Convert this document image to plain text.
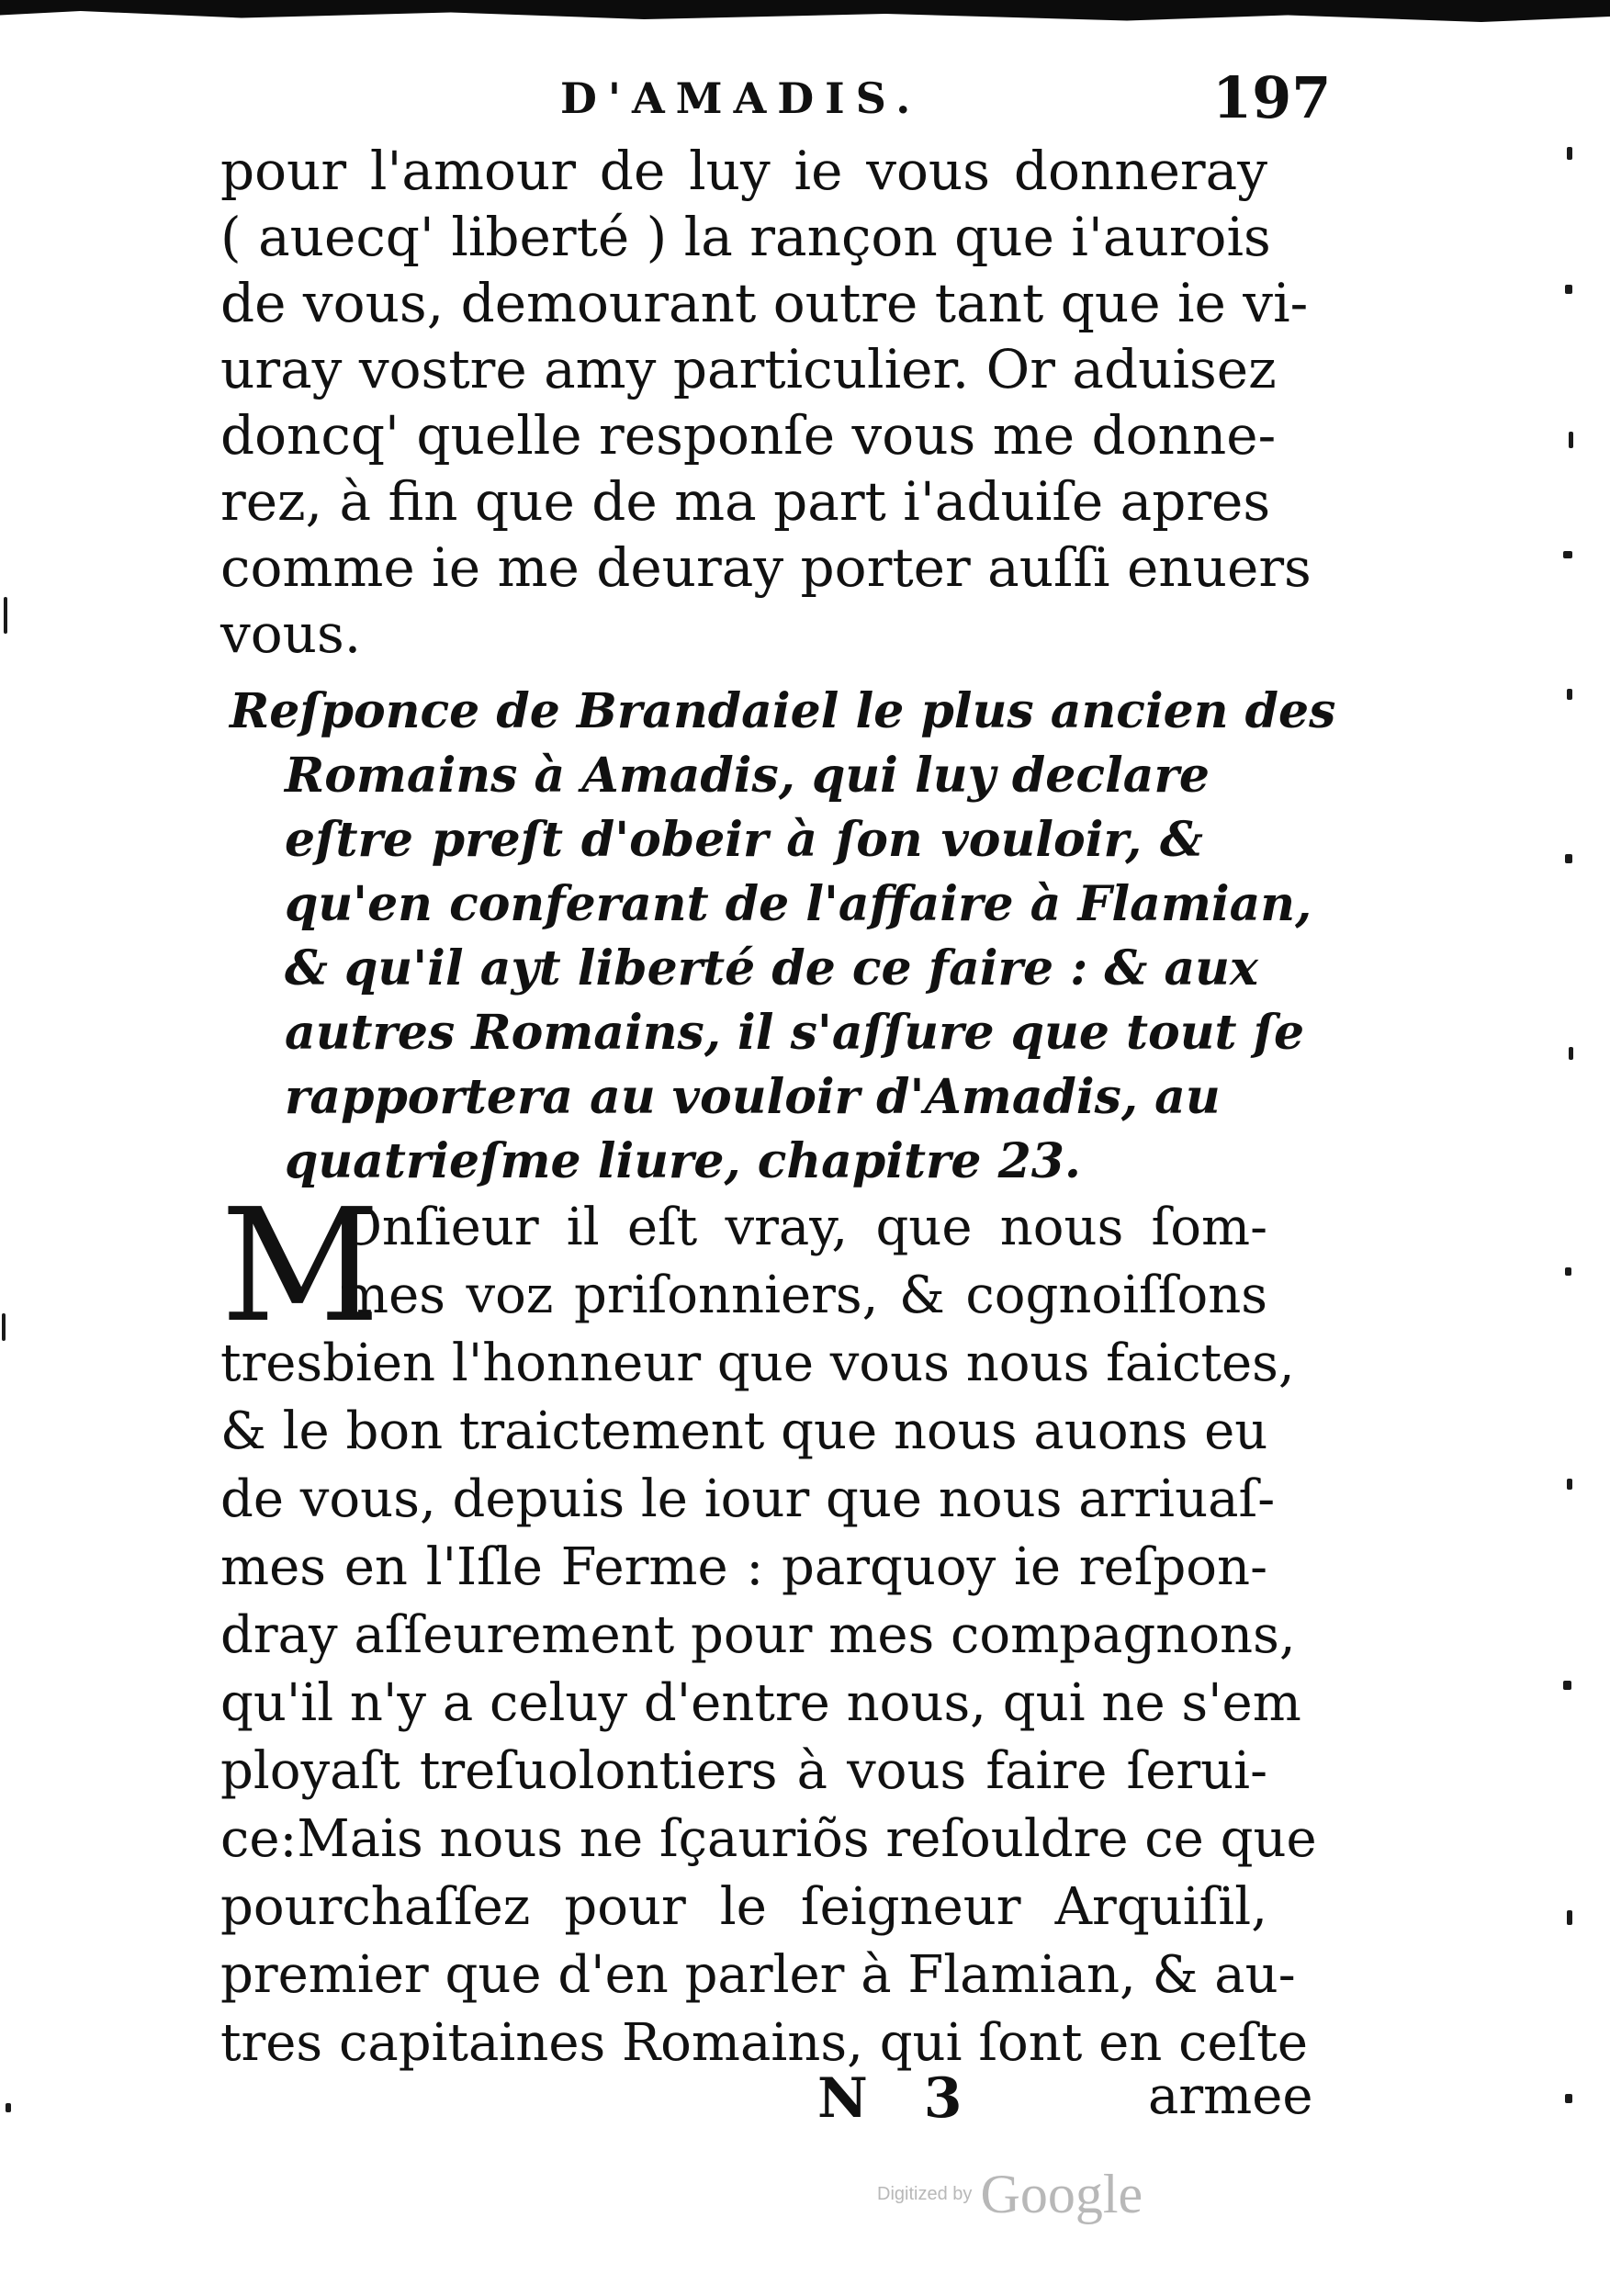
D'AMADIS.	197
pour l'amour de luy ie vous donneray
( auecq' liberté ) la rançon que i'aurois
de vous, demourant outre tant que ie vi-
uray vostre amy particulier. Or aduisez
doncq' quelle responſe vous me donne-
rez, à fin que de ma part i'aduiſe apres
comme ie me deuray porter auſſi enuers
vous.
Reſponce de Brandaiel le plus ancien des
Romains à Amadis, qui luy declare
eſtre preſt d'obeir à ſon vouloir, &
qu'en conferant de l'affaire à Flamian,
& qu'il ayt liberté de ce faire : & aux
autres Romains, il s'aſſure que tout ſe
rapportera au vouloir d'Amadis, au
quatrieſme liure, chapitre 23.
M
Onſieur il eſt vray, que nous ſom-
mes voz priſonniers, & cognoiſſons
tresbien l'honneur que vous nous faictes,
& le bon traictement que nous auons eu
de vous, depuis le iour que nous arriuaſ-
mes en l'Iſle Ferme : parquoy ie reſpon-
dray aſſeurement pour mes compagnons,
qu'il n'y a celuy d'entre nous, qui ne s'em
ployaſt treſuolontiers à vous faire ſerui-
ce:Mais nous ne ſçauriõs reſouldre ce que
pourchaſſez pour le ſeigneur Arquiſil,
premier que d'en parler à Flamian, & au-
tres capitaines Romains, qui ſont en ceſte
N 3	armee
Digitized by Google
